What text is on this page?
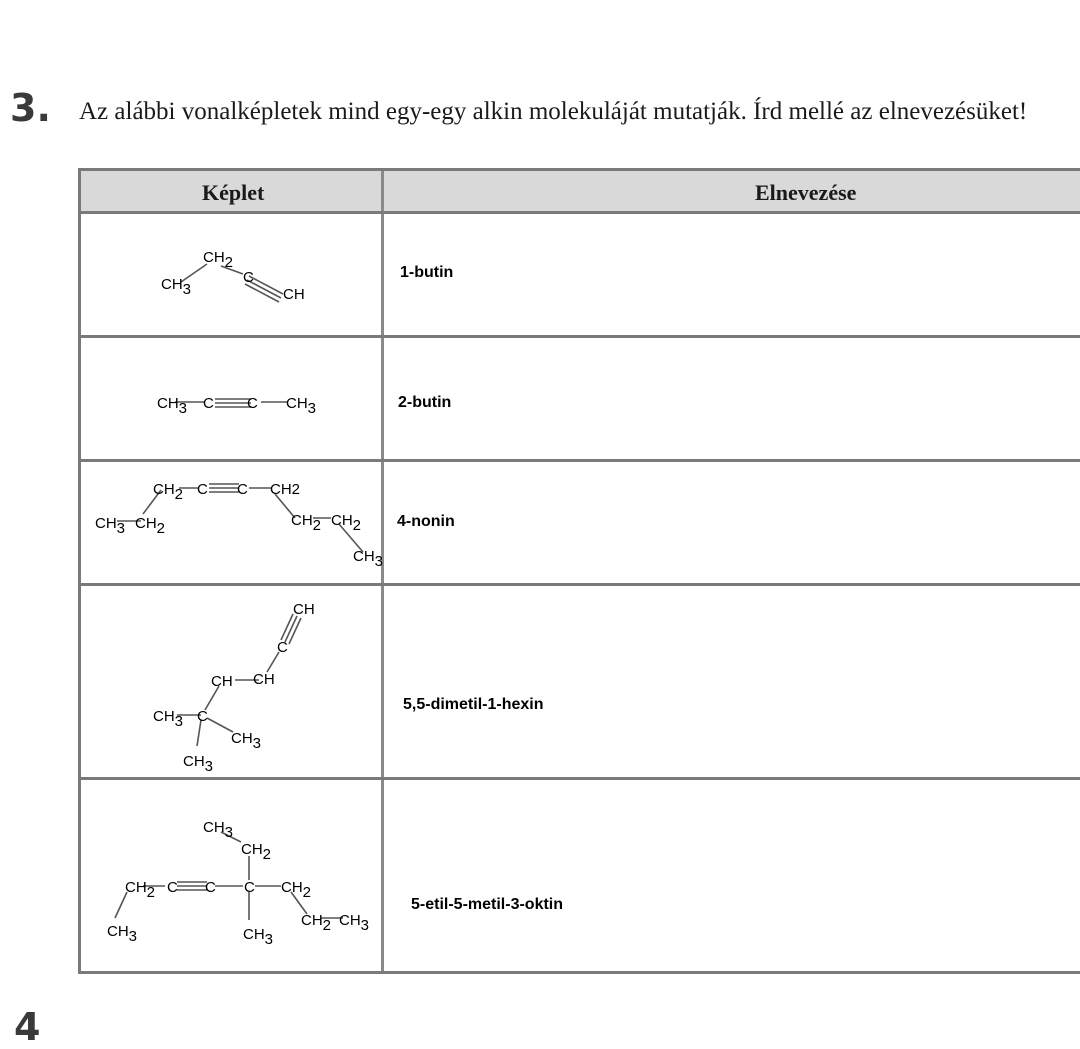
3. Az alábbi vonalképletek mind egy-egy alkin molekuláját mutatják. Írd mellé az elnevezésüket!
Képlet	Elnevezése
CH3
CH2
C
CH
1-butin
CH3 C C CH3	2-butin
CH3 CH2
CH2 C C CH2
CH2 CH2
CH3
4-nonin
CH
C
CH CH
C
CH3
CH3
CH3
5,5-dimetil-1-hexin
CH3
CH2
CH2 C C C CH2
CH3
CH2 CH3
CH3
5-etil-5-metil-3-oktin
4
